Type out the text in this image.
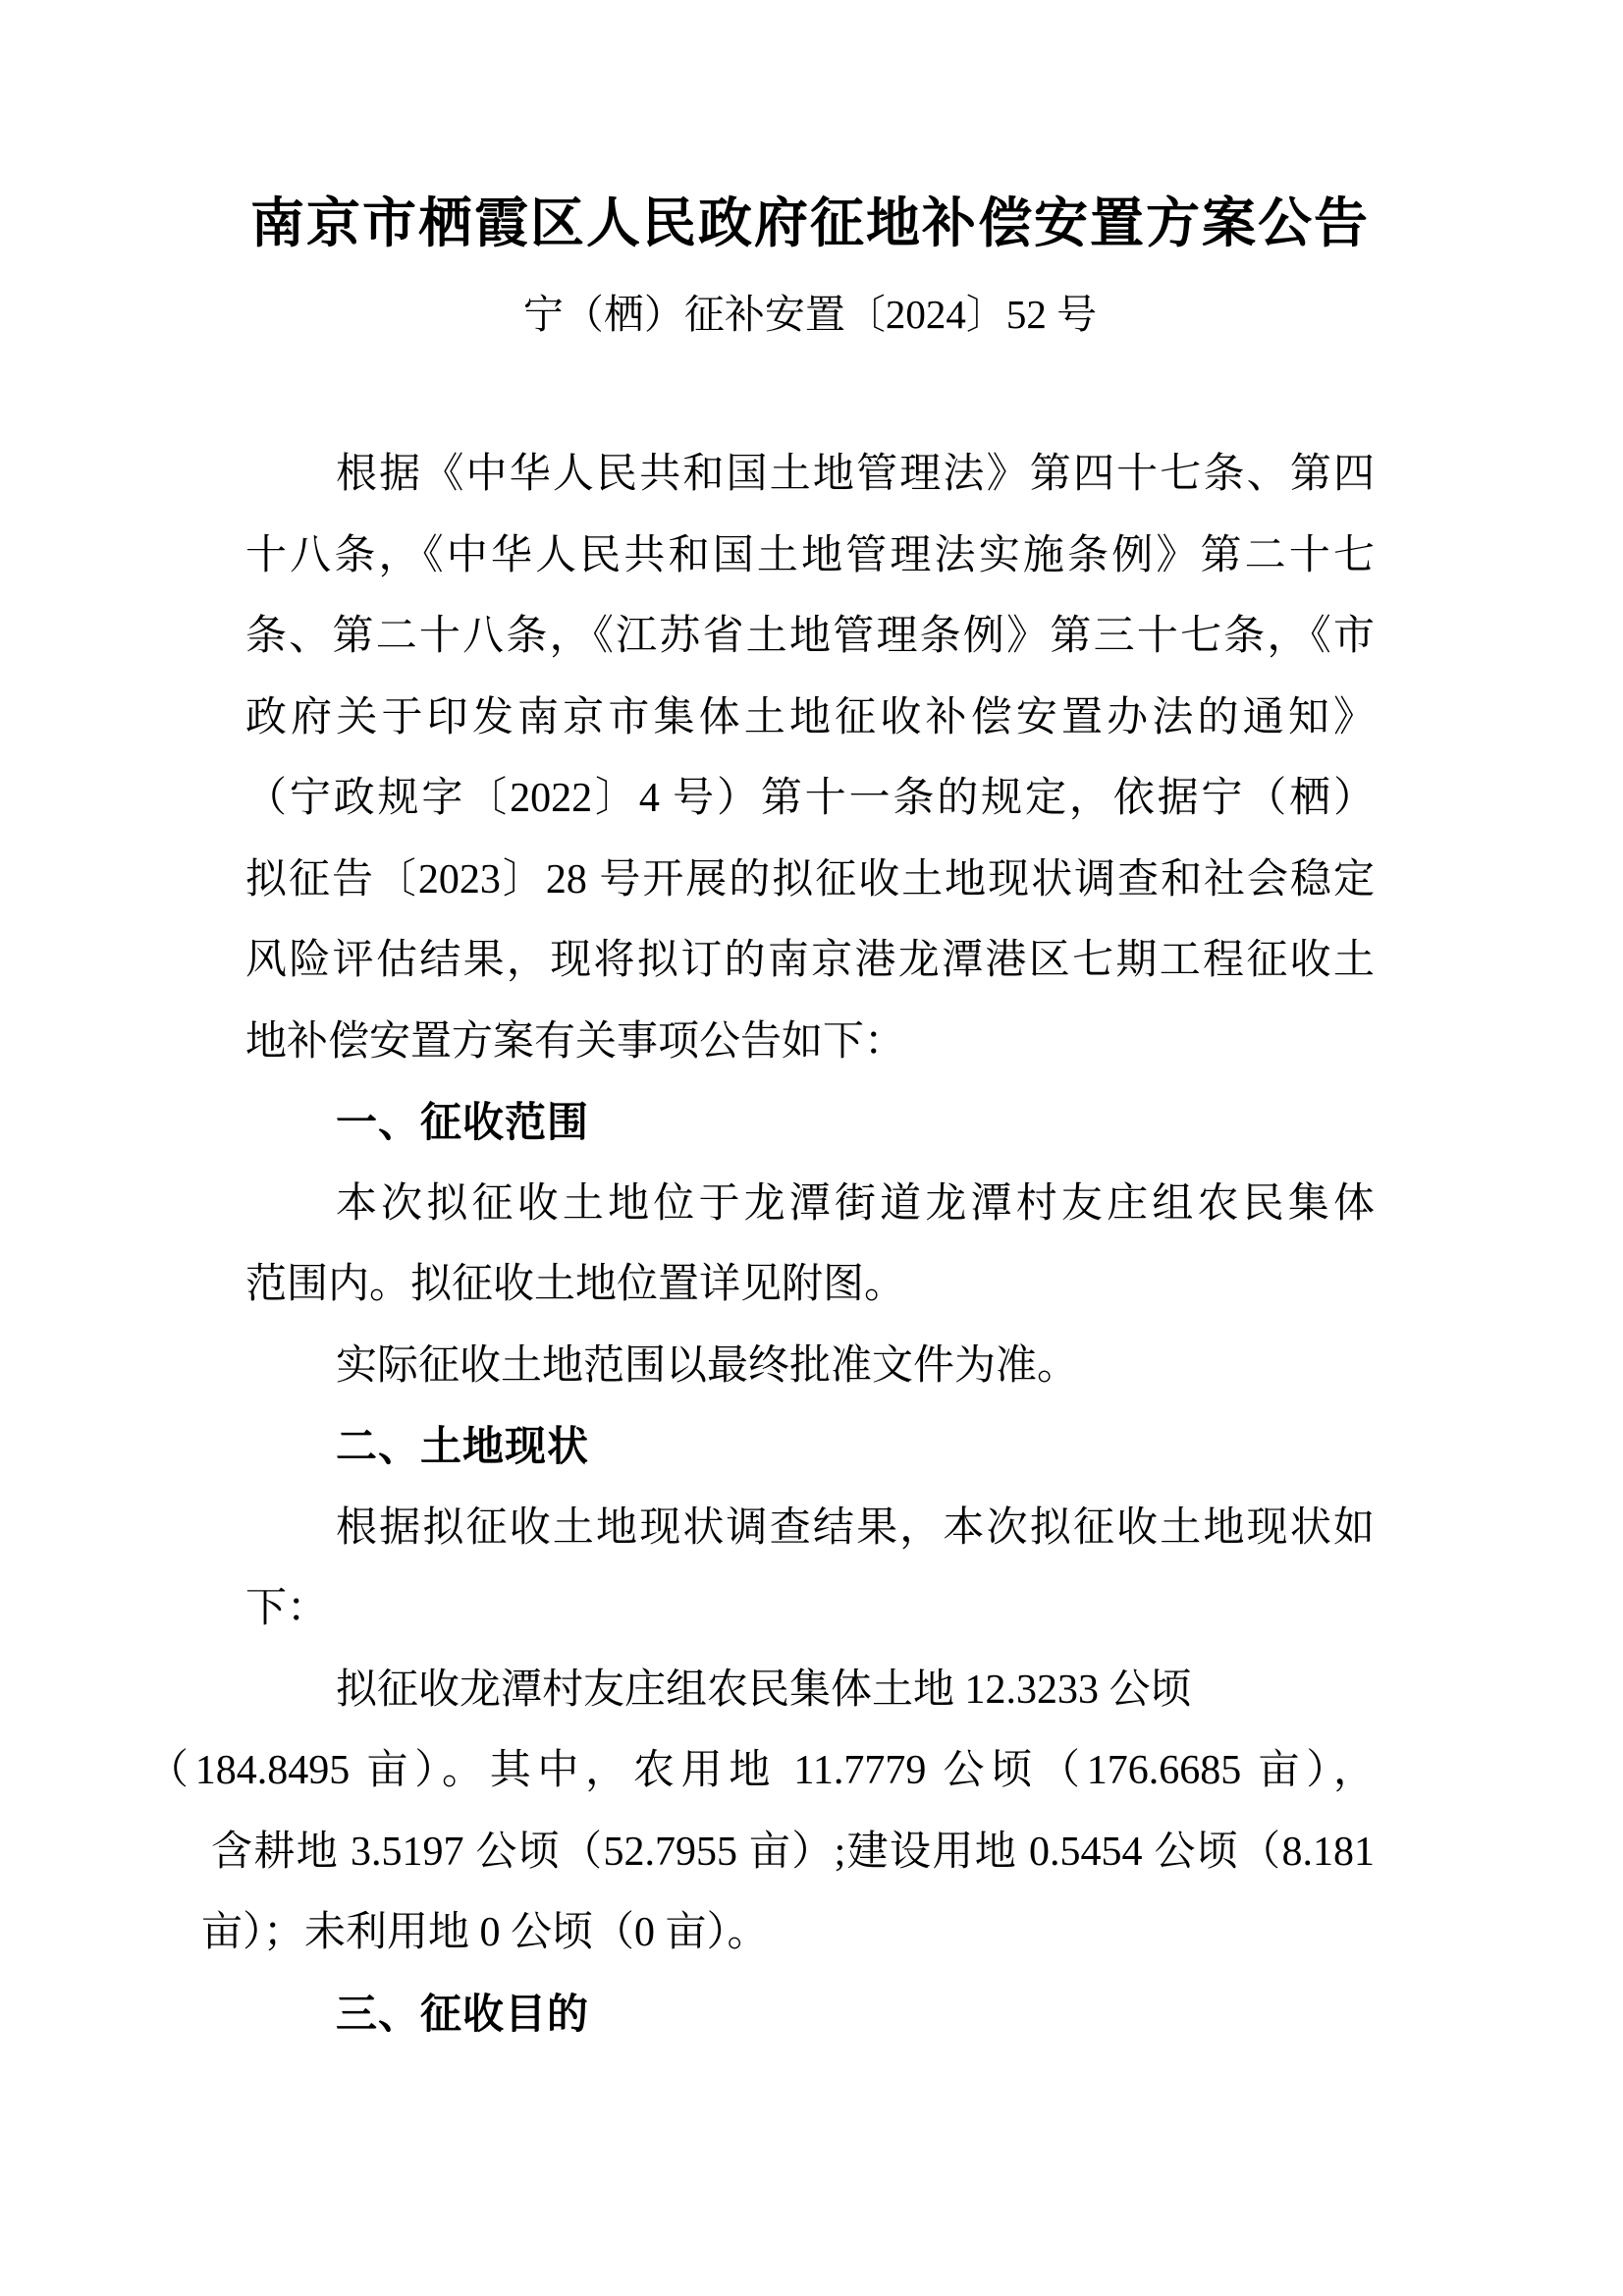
南京市栖霞区人民政府征地补偿安置方案公告
宁（栖）征补安置〔2024〕52 号
根据《中华人民共和国土地管理法》第四十七条、第四
十八条，《中华人民共和国土地管理法实施条例》第二十七
条、第二十八条，《江苏省土地管理条例》第三十七条，《市
政府关于印发南京市集体土地征收补偿安置办法的通知》
（宁政规字〔2022〕4 号）第十一条的规定，依据宁（栖）
拟征告〔2023〕28 号开展的拟征收土地现状调查和社会稳定
风险评估结果，现将拟订的南京港龙潭港区七期工程征收土
地补偿安置方案有关事项公告如下：
一、征收范围
本次拟征收土地位于龙潭街道龙潭村友庄组农民集体
范围内。拟征收土地位置详见附图。
实际征收土地范围以最终批准文件为准。
二、土地现状
根据拟征收土地现状调查结果，本次拟征收土地现状如
下：
拟征收龙潭村友庄组农民集体土地 12.3233 公顷
（184.8495 亩）。其中，农用地 11.7779 公顷（176.6685 亩），
含耕地 3.5197 公顷（52.7955 亩）;建设用地 0.5454 公顷（8.181
亩）；未利用地 0 公顷（0 亩）。
三、征收目的
